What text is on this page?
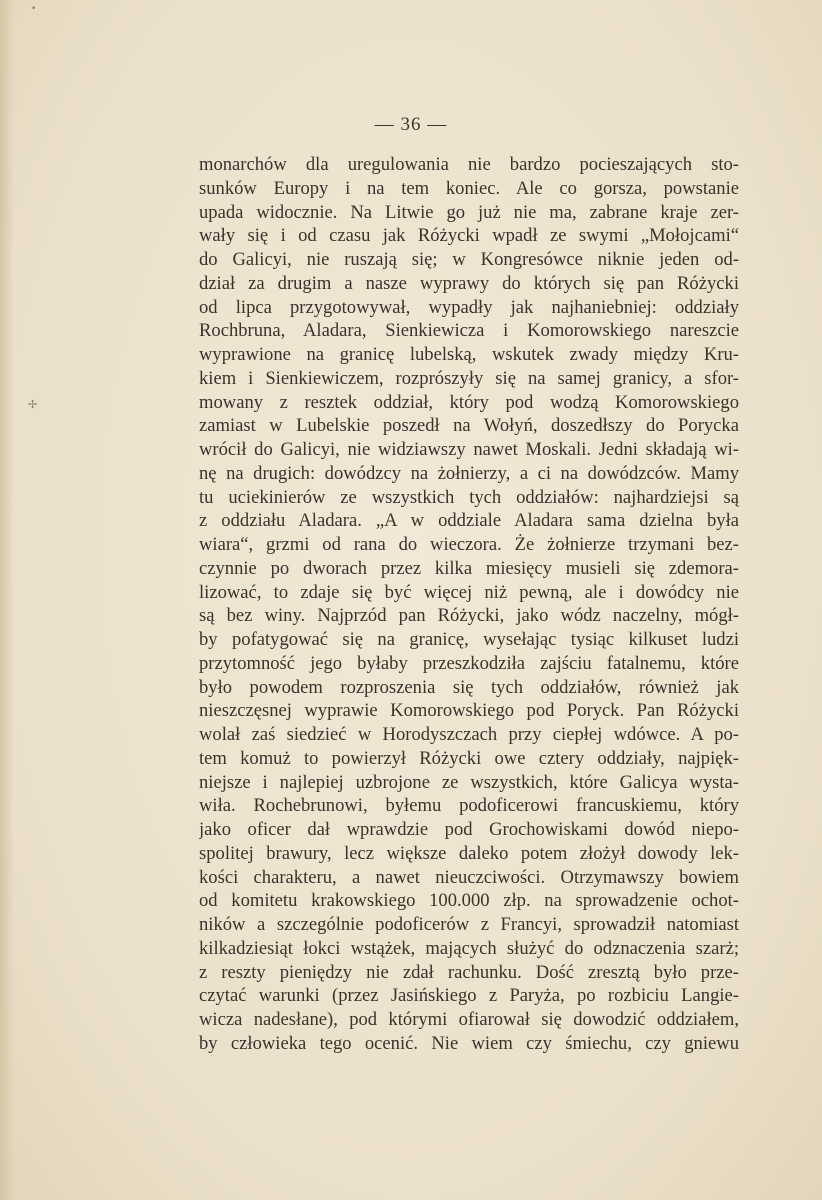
•
✢
— 36 —
monarchów dla uregulowania nie bardzo pocieszających sto-
sunków Europy i na tem koniec. Ale co gorsza, powstanie
upada widocznie. Na Litwie go już nie ma, zabrane kraje zer-
wały się i od czasu jak Różycki wpadł ze swymi „Mołojcami“
do Galicyi, nie ruszają się; w Kongresówce niknie jeden od-
dział za drugim a nasze wyprawy do których się pan Różycki
od lipca przygotowywał, wypadły jak najhaniebniej: oddziały
Rochbruna, Aladara, Sienkiewicza i Komorowskiego nareszcie
wyprawione na granicę lubelską, wskutek zwady między Kru-
kiem i Sienkiewiczem, rozprószyły się na samej granicy, a sfor-
mowany z resztek oddział, który pod wodzą Komorowskiego
zamiast w Lubelskie poszedł na Wołyń, doszedłszy do Porycka
wrócił do Galicyi, nie widziawszy nawet Moskali. Jedni składają wi-
nę na drugich: dowódzcy na żołnierzy, a ci na dowódzców. Mamy
tu uciekinierów ze wszystkich tych oddziałów: najhardziejsi są
z oddziału Aladara. „A w oddziale Aladara sama dzielna była
wiara“, grzmi od rana do wieczora. Że żołnierze trzymani bez-
czynnie po dworach przez kilka miesięcy musieli się zdemora-
lizować, to zdaje się być więcej niż pewną, ale i dowódcy nie
są bez winy. Najprzód pan Różycki, jako wódz naczelny, mógł-
by pofatygować się na granicę, wysełając tysiąc kilkuset ludzi
przytomność jego byłaby przeszkodziła zajściu fatalnemu, które
było powodem rozproszenia się tych oddziałów, również jak
nieszczęsnej wyprawie Komorowskiego pod Poryck. Pan Różycki
wolał zaś siedzieć w Horodyszczach przy ciepłej wdówce. A po-
tem komuż to powierzył Różycki owe cztery oddziały, najpięk-
niejsze i najlepiej uzbrojone ze wszystkich, które Galicya wysta-
wiła. Rochebrunowi, byłemu podoficerowi francuskiemu, który
jako oficer dał wprawdzie pod Grochowiskami dowód niepo-
spolitej brawury, lecz większe daleko potem złożył dowody lek-
kości charakteru, a nawet nieuczciwości. Otrzymawszy bowiem
od komitetu krakowskiego 100.000 złp. na sprowadzenie ochot-
ników a szczególnie podoficerów z Francyi, sprowadził natomiast
kilkadziesiąt łokci wstążek, mających służyć do odznaczenia szarż;
z reszty pieniędzy nie zdał rachunku. Dość zresztą było prze-
czytać warunki (przez Jasińskiego z Paryża, po rozbiciu Langie-
wicza nadesłane), pod którymi ofiarował się dowodzić oddziałem,
by człowieka tego ocenić. Nie wiem czy śmiechu, czy gniewu
